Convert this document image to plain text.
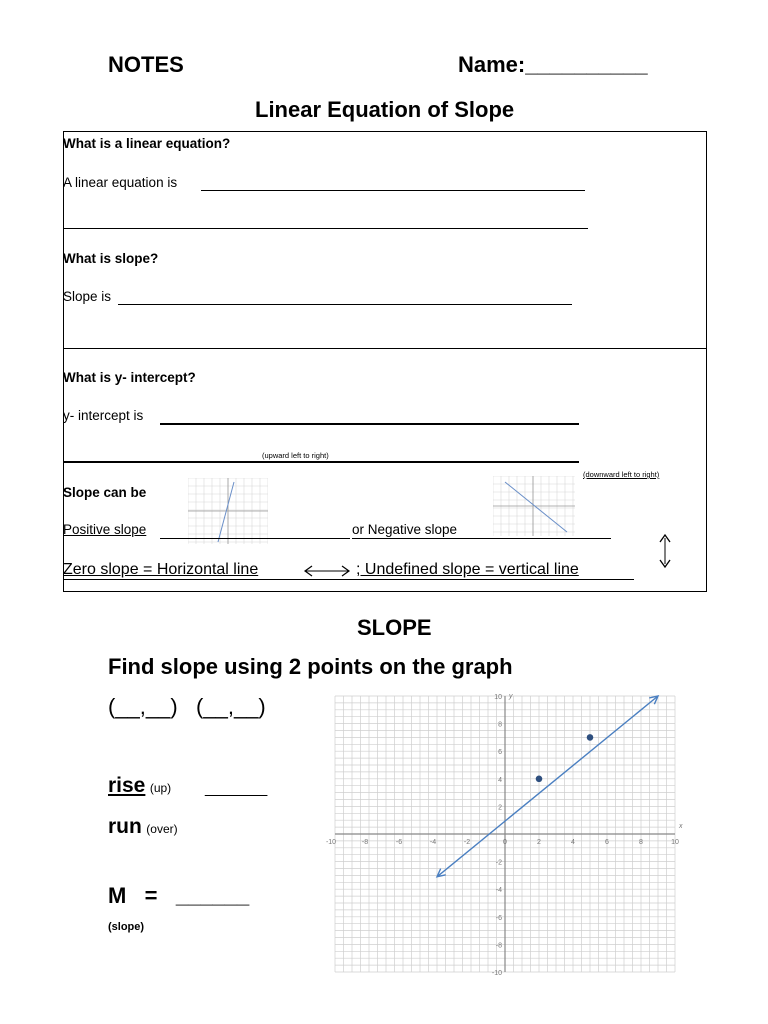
NOTES	Name:__________
Linear Equation of Slope
What is a linear equation?
A linear equation is
What is slope?
Slope is
What is y- intercept?
y- intercept is
(upward left to right)
(downward left to right)
Slope can be
Positive slope	or Negative slope
Zero slope = Horizontal line	; Undefined slope = vertical line
SLOPE
Find slope using 2 points on the graph
(__,__)   (__,__)
rise (up) _______
run (over)
M   =   ______
(slope)
-10	-8	-6	-4	-2	0	2	4	6	8	10
10
8
6
4
2
-2
-4
-6
-8
-10
x
y
